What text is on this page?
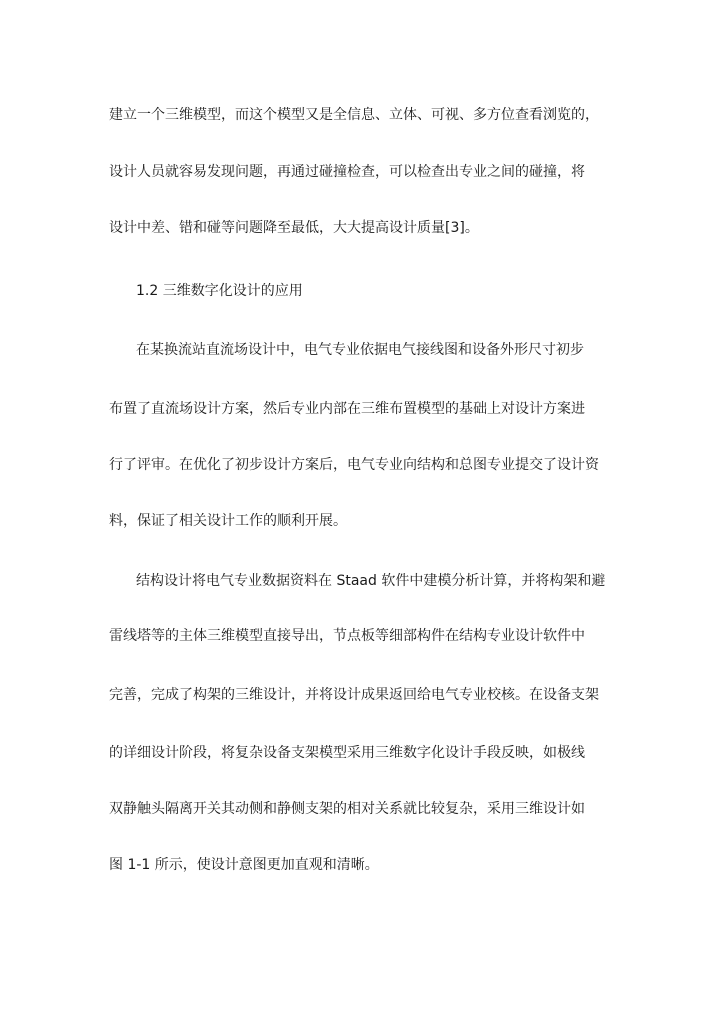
建立一个三维模型，而这个模型又是全信息、立体、可视、多方位查看浏览的，
设计人员就容易发现问题，再通过碰撞检查，可以检查出专业之间的碰撞，将
设计中差、错和碰等问题降至最低，大大提高设计质量[3]。
1.2 三维数字化设计的应用
在某换流站直流场设计中，电气专业依据电气接线图和设备外形尺寸初步
布置了直流场设计方案，然后专业内部在三维布置模型的基础上对设计方案进
行了评审。在优化了初步设计方案后，电气专业向结构和总图专业提交了设计资
料，保证了相关设计工作的顺利开展。
结构设计将电气专业数据资料在 Staad 软件中建模分析计算，并将构架和避
雷线塔等的主体三维模型直接导出，节点板等细部构件在结构专业设计软件中
完善，完成了构架的三维设计，并将设计成果返回给电气专业校核。在设备支架
的详细设计阶段，将复杂设备支架模型采用三维数字化设计手段反映，如极线
双静触头隔离开关其动侧和静侧支架的相对关系就比较复杂，采用三维设计如
图 1-1 所示，使设计意图更加直观和清晰。
